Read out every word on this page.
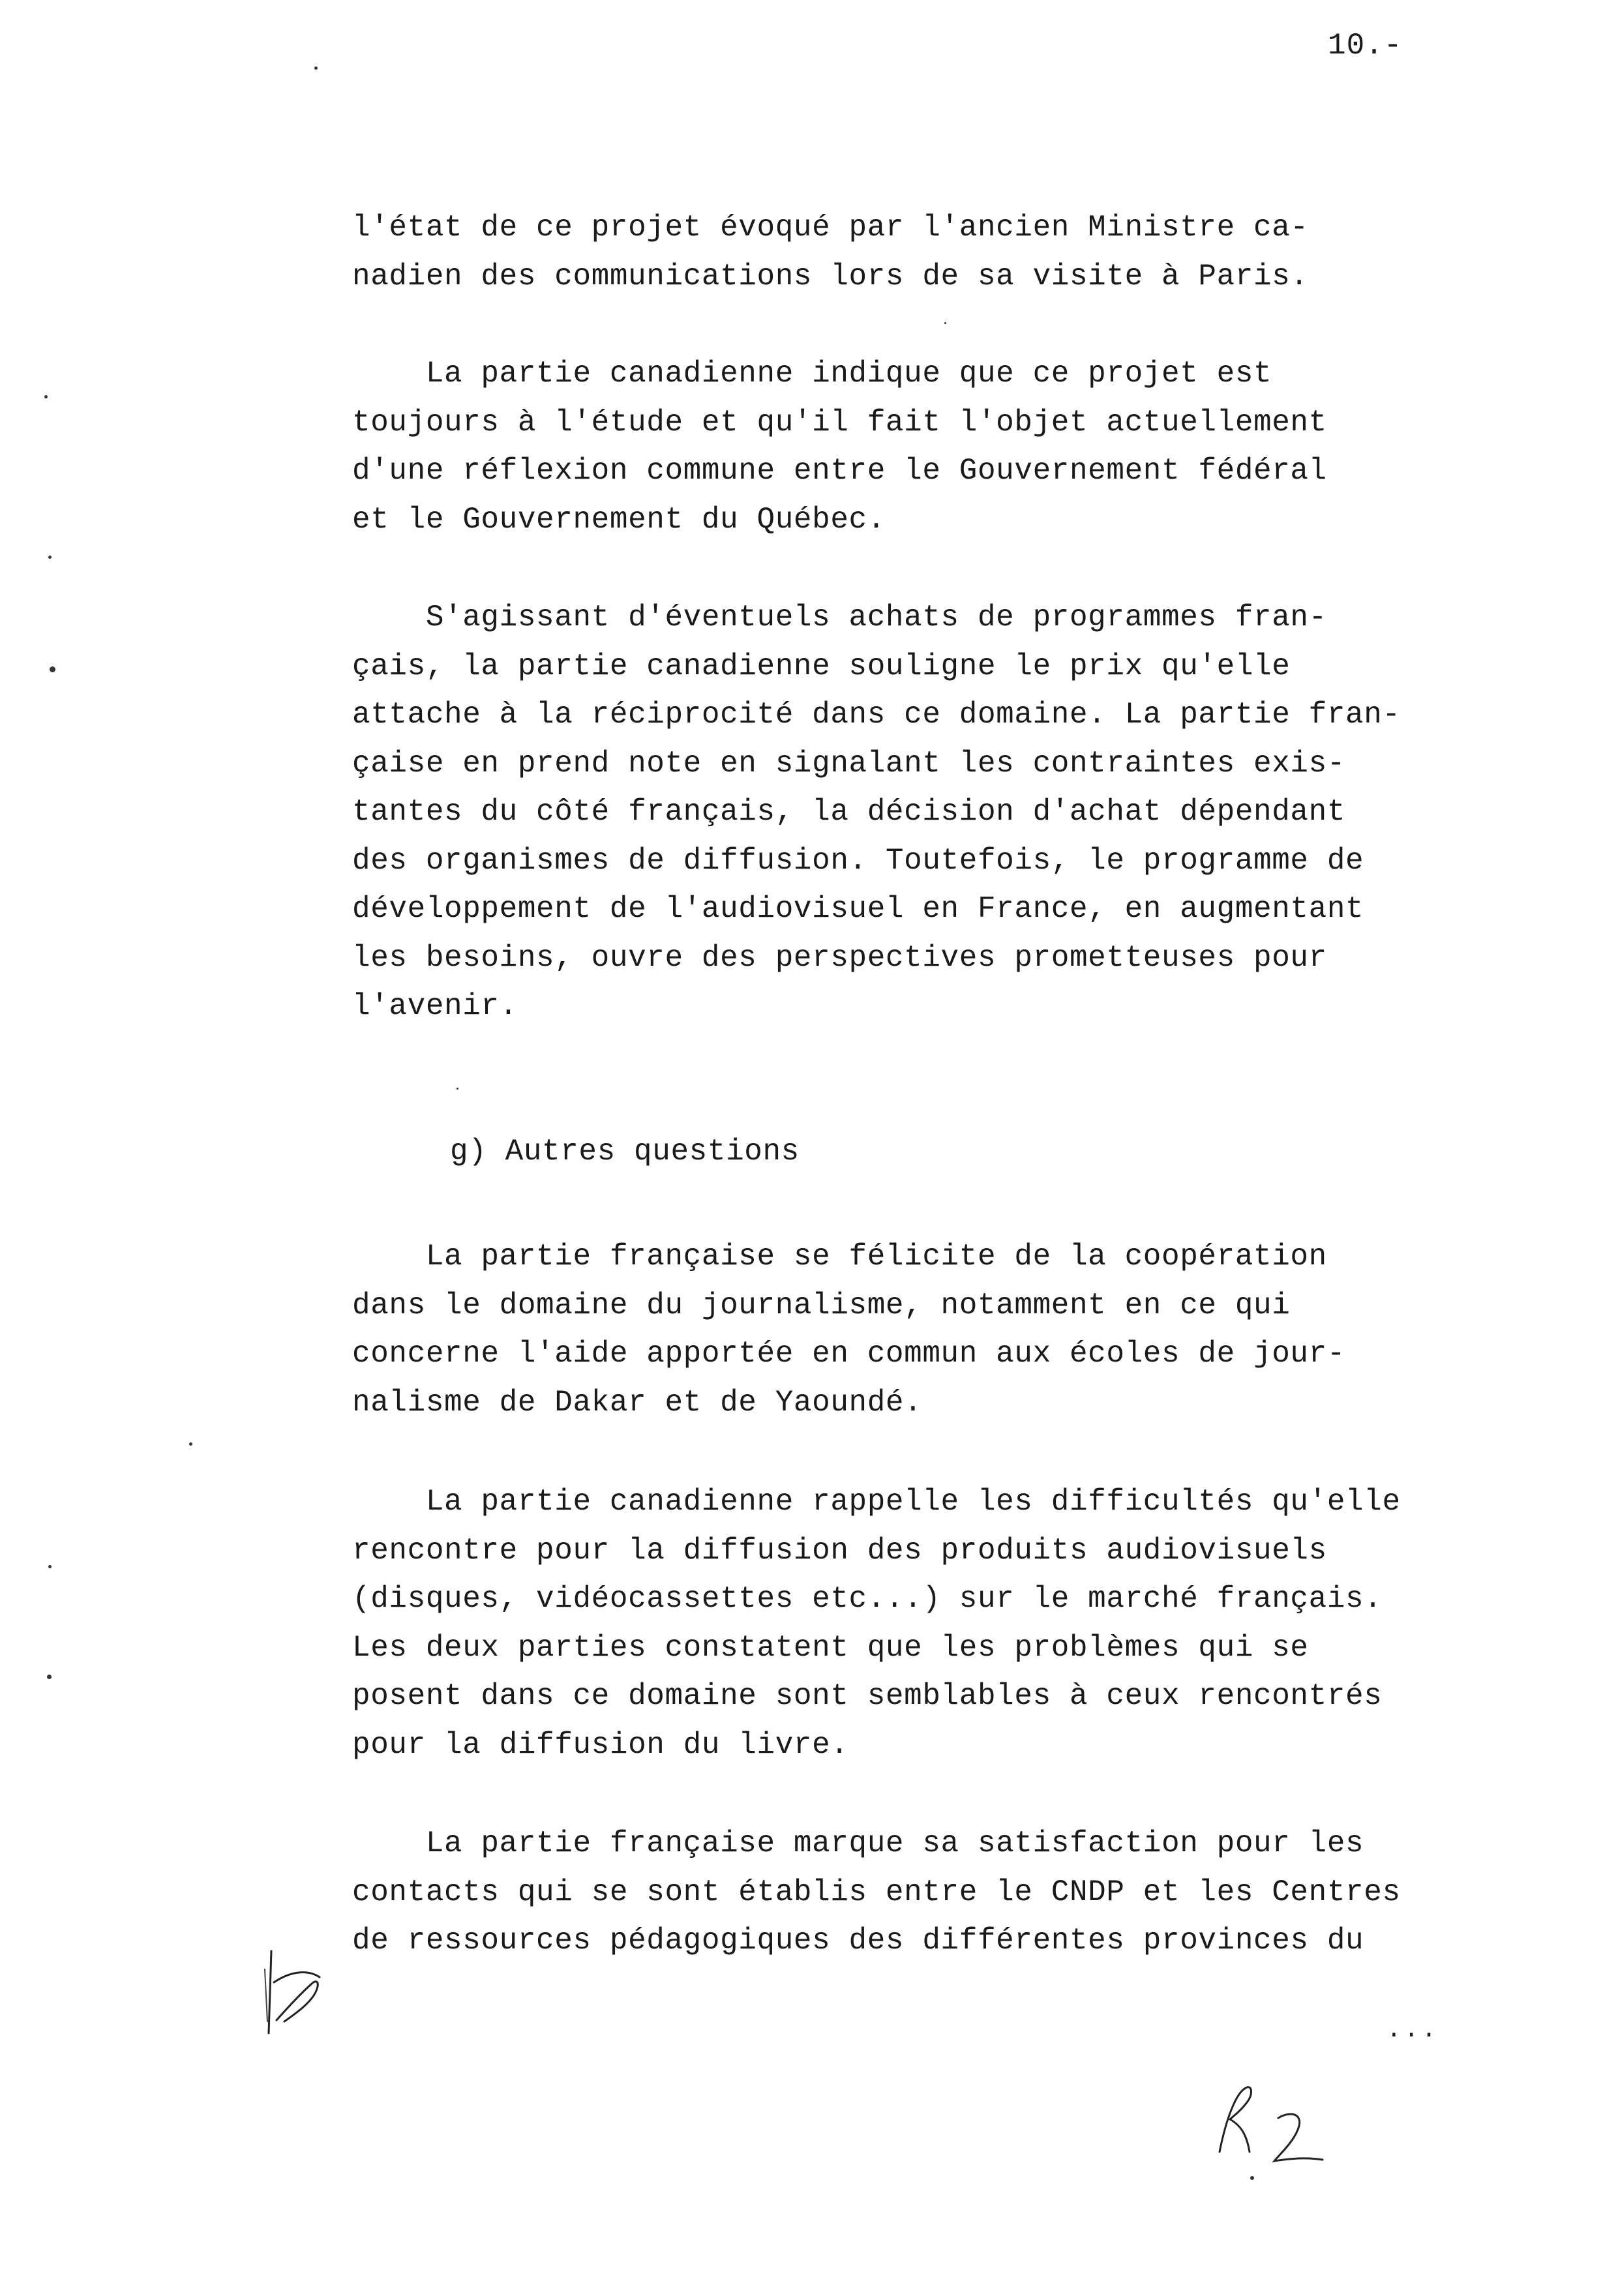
10.-
l'état de ce projet évoqué par l'ancien Ministre ca-
nadien des communications lors de sa visite à Paris.
La partie canadienne indique que ce projet est
toujours à l'étude et qu'il fait l'objet actuellement
d'une réflexion commune entre le Gouvernement fédéral
et le Gouvernement du Québec.
S'agissant d'éventuels achats de programmes fran-
çais, la partie canadienne souligne le prix qu'elle
attache à la réciprocité dans ce domaine. La partie fran-
çaise en prend note en signalant les contraintes exis-
tantes du côté français, la décision d'achat dépendant
des organismes de diffusion. Toutefois, le programme de
développement de l'audiovisuel en France, en augmentant
les besoins, ouvre des perspectives prometteuses pour
l'avenir.
g) Autres questions
La partie française se félicite de la coopération
dans le domaine du journalisme, notamment en ce qui
concerne l'aide apportée en commun aux écoles de jour-
nalisme de Dakar et de Yaoundé.
La partie canadienne rappelle les difficultés qu'elle
rencontre pour la diffusion des produits audiovisuels
(disques, vidéocassettes etc...) sur le marché français.
Les deux parties constatent que les problèmes qui se
posent dans ce domaine sont semblables à ceux rencontrés
pour la diffusion du livre.
La partie française marque sa satisfaction pour les
contacts qui se sont établis entre le CNDP et les Centres
de ressources pédagogiques des différentes provinces du
...
